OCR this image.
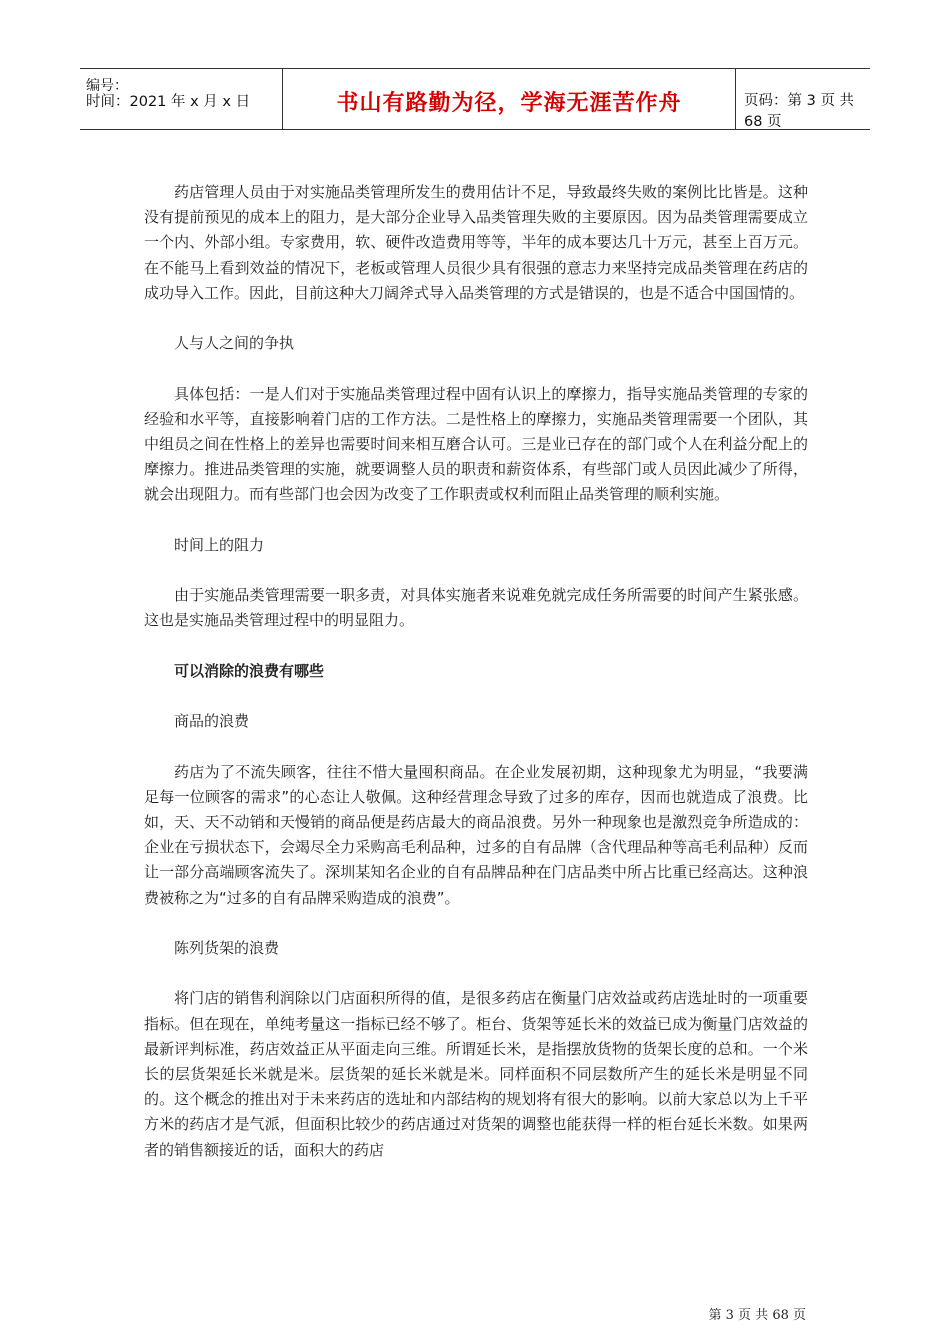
编号：
时间：2021 年 x 月 x 日	书山有路勤为径，学海无涯苦作舟	页码：第 3 页 共 68 页

药店管理人员由于对实施品类管理所发生的费用估计不足，导致最终失败的案例比比皆是。这种没有提前预见的成本上的阻力，是大部分企业导入品类管理失败的主要原因。因为品类管理需要成立一个内、外部小组。专家费用，软、硬件改造费用等等，半年的成本要达几十万元，甚至上百万元。在不能马上看到效益的情况下，老板或管理人员很少具有很强的意志力来坚持完成品类管理在药店的成功导入工作。因此，目前这种大刀阔斧式导入品类管理的方式是错误的，也是不适合中国国情的。

人与人之间的争执

具体包括：一是人们对于实施品类管理过程中固有认识上的摩擦力，指导实施品类管理的专家的经验和水平等，直接影响着门店的工作方法。二是性格上的摩擦力，实施品类管理需要一个团队，其中组员之间在性格上的差异也需要时间来相互磨合认可。三是业已存在的部门或个人在利益分配上的摩擦力。推进品类管理的实施，就要调整人员的职责和薪资体系，有些部门或人员因此减少了所得，就会出现阻力。而有些部门也会因为改变了工作职责或权利而阻止品类管理的顺利实施。

时间上的阻力

由于实施品类管理需要一职多责，对具体实施者来说难免就完成任务所需要的时间产生紧张感。这也是实施品类管理过程中的明显阻力。

可以消除的浪费有哪些

商品的浪费

药店为了不流失顾客，往往不惜大量囤积商品。在企业发展初期，这种现象尤为明显，“我要满足每一位顾客的需求”的心态让人敬佩。这种经营理念导致了过多的库存，因而也就造成了浪费。比如，天、天不动销和天慢销的商品便是药店最大的商品浪费。另外一种现象也是激烈竞争所造成的：企业在亏损状态下，会竭尽全力采购高毛利品种，过多的自有品牌（含代理品种等高毛利品种）反而让一部分高端顾客流失了。深圳某知名企业的自有品牌品种在门店品类中所占比重已经高达。这种浪费被称之为“过多的自有品牌采购造成的浪费”。

陈列货架的浪费

将门店的销售利润除以门店面积所得的值，是很多药店在衡量门店效益或药店选址时的一项重要指标。但在现在，单纯考量这一指标已经不够了。柜台、货架等延长米的效益已成为衡量门店效益的最新评判标准，药店效益正从平面走向三维。所谓延长米，是指摆放货物的货架长度的总和。一个米长的层货架延长米就是米。层货架的延长米就是米。同样面积不同层数所产生的延长米是明显不同的。这个概念的推出对于未来药店的选址和内部结构的规划将有很大的影响。以前大家总以为上千平方米的药店才是气派，但面积比较少的药店通过对货架的调整也能获得一样的柜台延长米数。如果两者的销售额接近的话，面积大的药店

第 3 页 共 68 页
